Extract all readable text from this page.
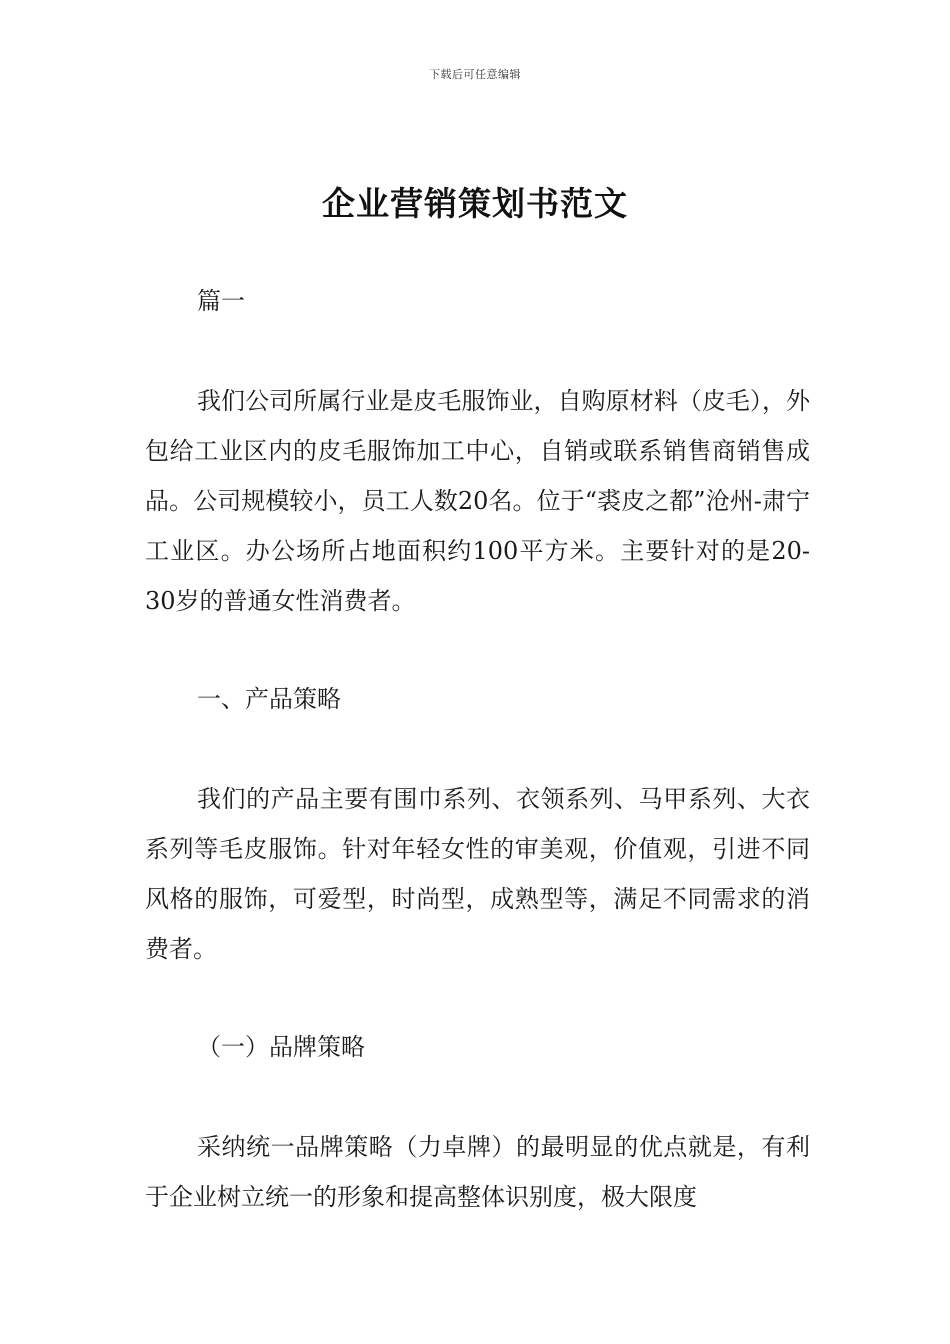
下载后可任意编辑
企业营销策划书范文

篇一

我们公司所属行业是皮毛服饰业，自购原材料（皮毛），外包给工业区内的皮毛服饰加工中心，自销或联系销售商销售成品。公司规模较小，员工人数20名。位于“裘皮之都”沧州-肃宁工业区。办公场所占地面积约100平方米。主要针对的是20-30岁的普通女性消费者。

一、产品策略

我们的产品主要有围巾系列、衣领系列、马甲系列、大衣系列等毛皮服饰。针对年轻女性的审美观，价值观，引进不同风格的服饰，可爱型，时尚型，成熟型等，满足不同需求的消费者。

（一）品牌策略

采纳统一品牌策略（力卓牌）的最明显的优点就是，有利于企业树立统一的形象和提高整体识别度，极大限度
